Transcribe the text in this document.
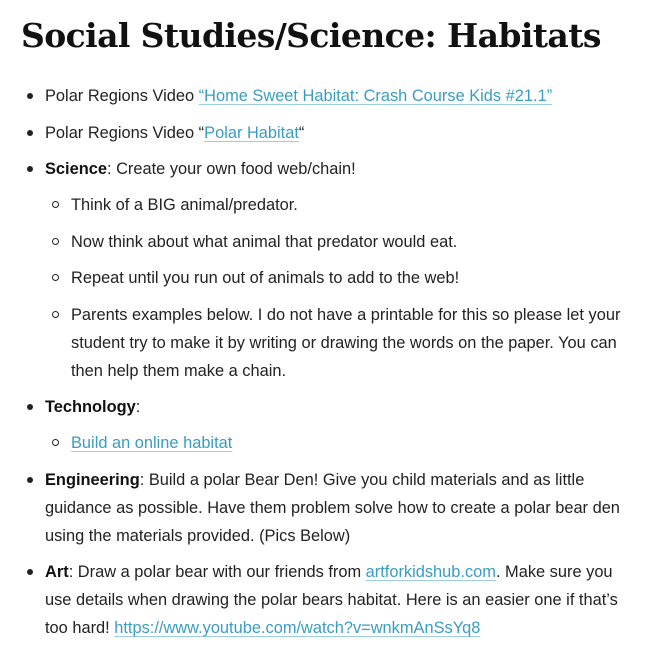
Social Studies/Science: Habitats
Polar Regions Video “Home Sweet Habitat: Crash Course Kids #21.1”
Polar Regions Video “Polar Habitat“
Science: Create your own food web/chain!
Think of a BIG animal/predator.
Now think about what animal that predator would eat.
Repeat until you run out of animals to add to the web!
Parents examples below. I do not have a printable for this so please let your student try to make it by writing or drawing the words on the paper. You can then help them make a chain.
Technology:
Build an online habitat
Engineering: Build a polar Bear Den! Give you child materials and as little guidance as possible. Have them problem solve how to create a polar bear den using the materials provided. (Pics Below)
Art: Draw a polar bear with our friends from artforkidshub.com. Make sure you use details when drawing the polar bears habitat. Here is an easier one if that’s too hard! https://www.youtube.com/watch?v=wnkmAnSsYq8
